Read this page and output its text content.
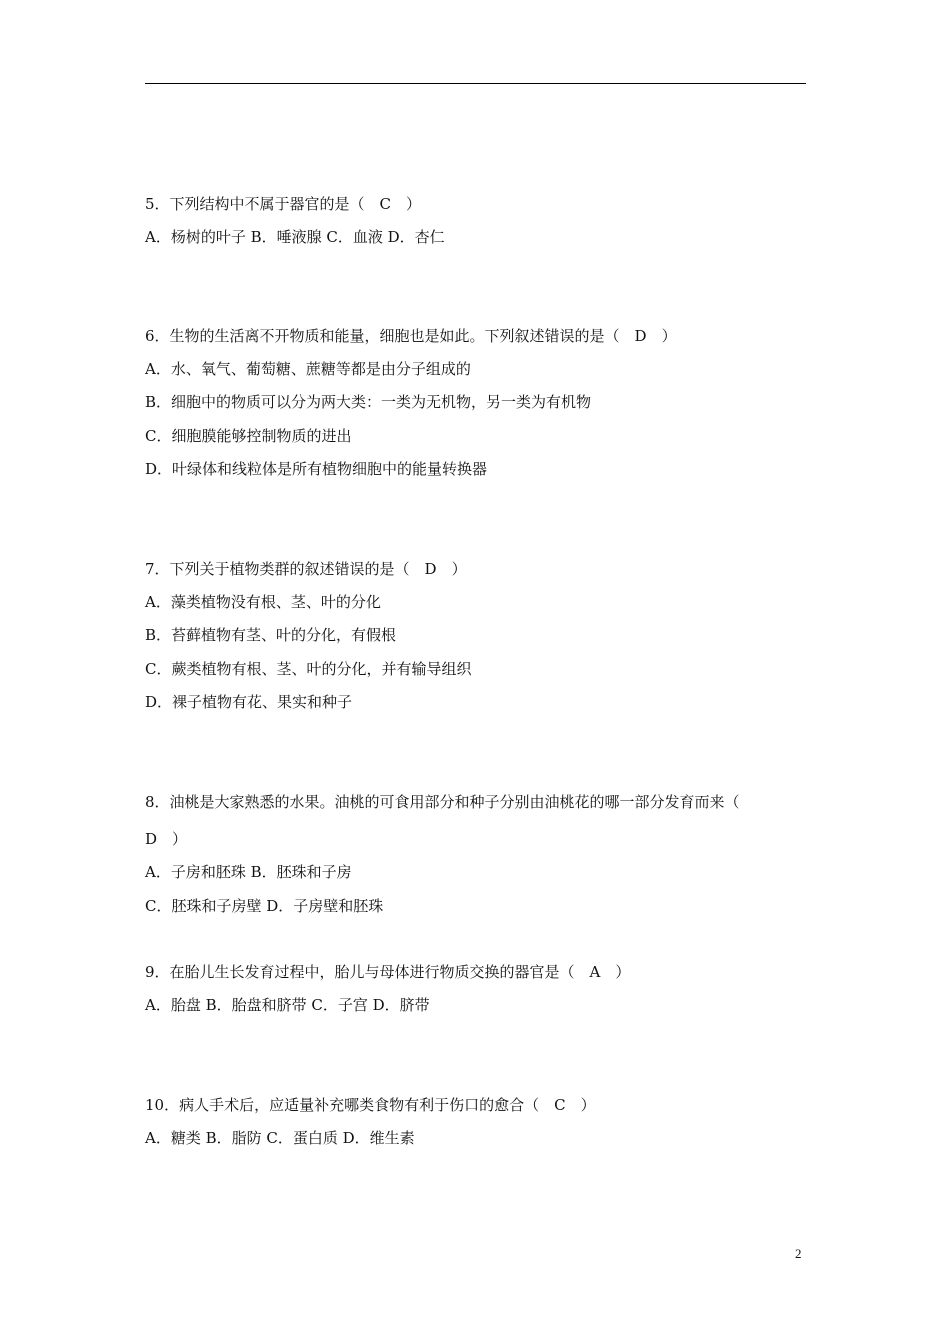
5．下列结构中不属于器官的是（　C　）
A．杨树的叶子 B．唾液腺 C．血液 D．杏仁
6．生物的生活离不开物质和能量，细胞也是如此。下列叙述错误的是（　D　）
A．水、氧气、葡萄糖、蔗糖等都是由分子组成的
B．细胞中的物质可以分为两大类：一类为无机物，另一类为有机物
C．细胞膜能够控制物质的进出
D．叶绿体和线粒体是所有植物细胞中的能量转换器
7．下列关于植物类群的叙述错误的是（　D　）
A．藻类植物没有根、茎、叶的分化
B．苔藓植物有茎、叶的分化，有假根
C．蕨类植物有根、茎、叶的分化，并有输导组织
D．裸子植物有花、果实和种子
8．油桃是大家熟悉的水果。油桃的可食用部分和种子分别由油桃花的哪一部分发育而来（
D　）
A．子房和胚珠 B．胚珠和子房
C．胚珠和子房壁 D．子房壁和胚珠
9．在胎儿生长发育过程中，胎儿与母体进行物质交换的器官是（　A　）
A．胎盘 B．胎盘和脐带 C．子宫 D．脐带
10．病人手术后，应适量补充哪类食物有利于伤口的愈合（　C　）
A．糖类 B．脂防 C．蛋白质 D．维生素
2
